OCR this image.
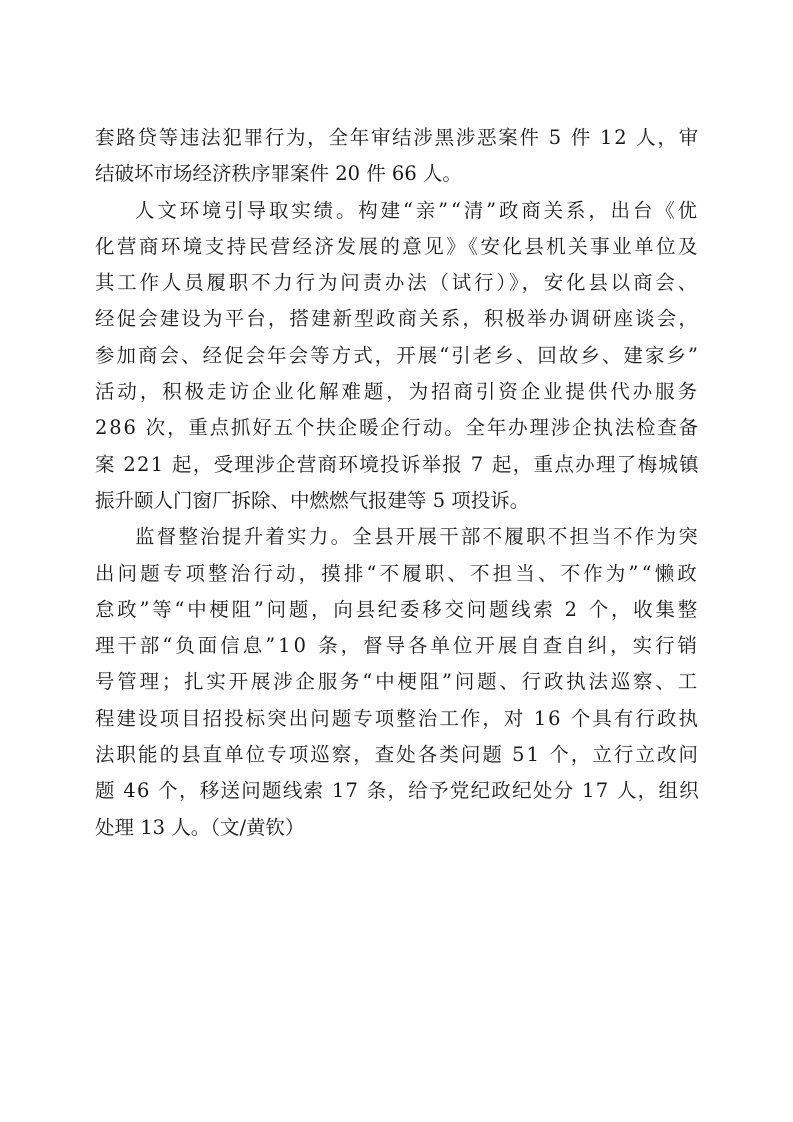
套路贷等违法犯罪行为，全年审结涉黑涉恶案件 5 件 12 人，审
结破坏市场经济秩序罪案件 20 件 66 人。
人文环境引导取实绩。构建“亲”“清”政商关系，出台《优
化营商环境支持民营经济发展的意见》《安化县机关事业单位及
其工作人员履职不力行为问责办法（试行）》，安化县以商会、
经促会建设为平台，搭建新型政商关系，积极举办调研座谈会，
参加商会、经促会年会等方式，开展“引老乡、回故乡、建家乡”
活动，积极走访企业化解难题，为招商引资企业提供代办服务
286 次，重点抓好五个扶企暖企行动。全年办理涉企执法检查备
案 221 起，受理涉企营商环境投诉举报 7 起，重点办理了梅城镇
振升颐人门窗厂拆除、中燃燃气报建等 5 项投诉。
监督整治提升着实力。全县开展干部不履职不担当不作为突
出问题专项整治行动，摸排“不履职、不担当、不作为”“懒政
怠政”等“中梗阻”问题，向县纪委移交问题线索 2 个，收集整
理干部“负面信息”10 条，督导各单位开展自查自纠，实行销
号管理；扎实开展涉企服务“中梗阻”问题、行政执法巡察、工
程建设项目招投标突出问题专项整治工作，对 16 个具有行政执
法职能的县直单位专项巡察，查处各类问题 51 个，立行立改问
题 46 个，移送问题线索 17 条，给予党纪政纪处分 17 人，组织
处理 13 人。（文/黄钦）
